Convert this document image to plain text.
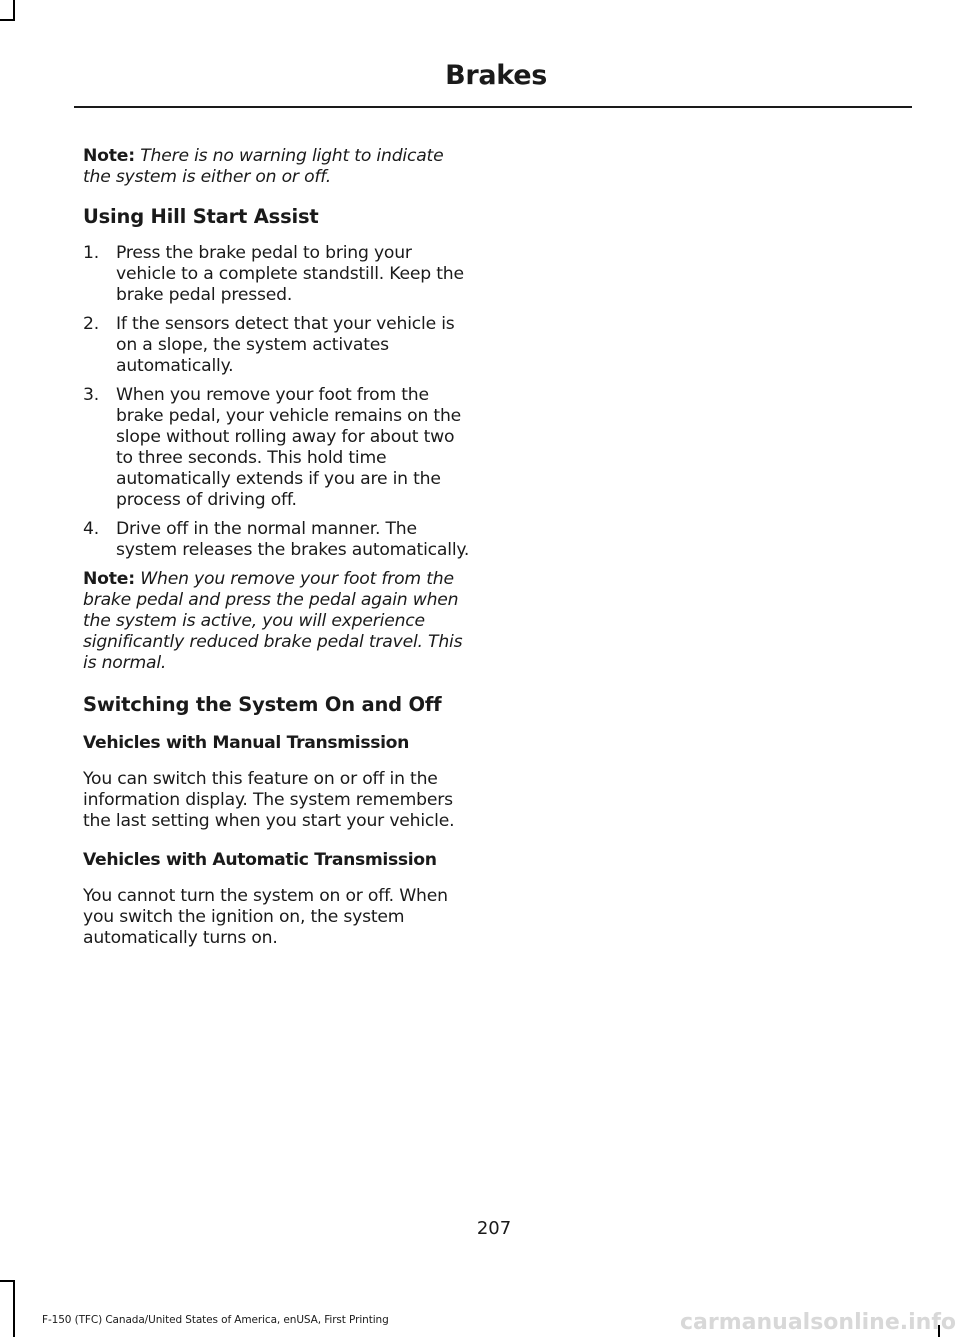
Brakes

Note: There is no warning light to indicate the system is either on or off.

Using Hill Start Assist
1. Press the brake pedal to bring your vehicle to a complete standstill. Keep the brake pedal pressed.
2. If the sensors detect that your vehicle is on a slope, the system activates automatically.
3. When you remove your foot from the brake pedal, your vehicle remains on the slope without rolling away for about two to three seconds. This hold time automatically extends if you are in the process of driving off.
4. Drive off in the normal manner. The system releases the brakes automatically.

Note: When you remove your foot from the brake pedal and press the pedal again when the system is active, you will experience significantly reduced brake pedal travel. This is normal.

Switching the System On and Off
Vehicles with Manual Transmission

You can switch this feature on or off in the information display. The system remembers the last setting when you start your vehicle.

Vehicles with Automatic Transmission

You cannot turn the system on or off. When you switch the ignition on, the system automatically turns on.

207

F-150 (TFC) Canada/United States of America, enUSA, First Printing	carmanualsonline.info
